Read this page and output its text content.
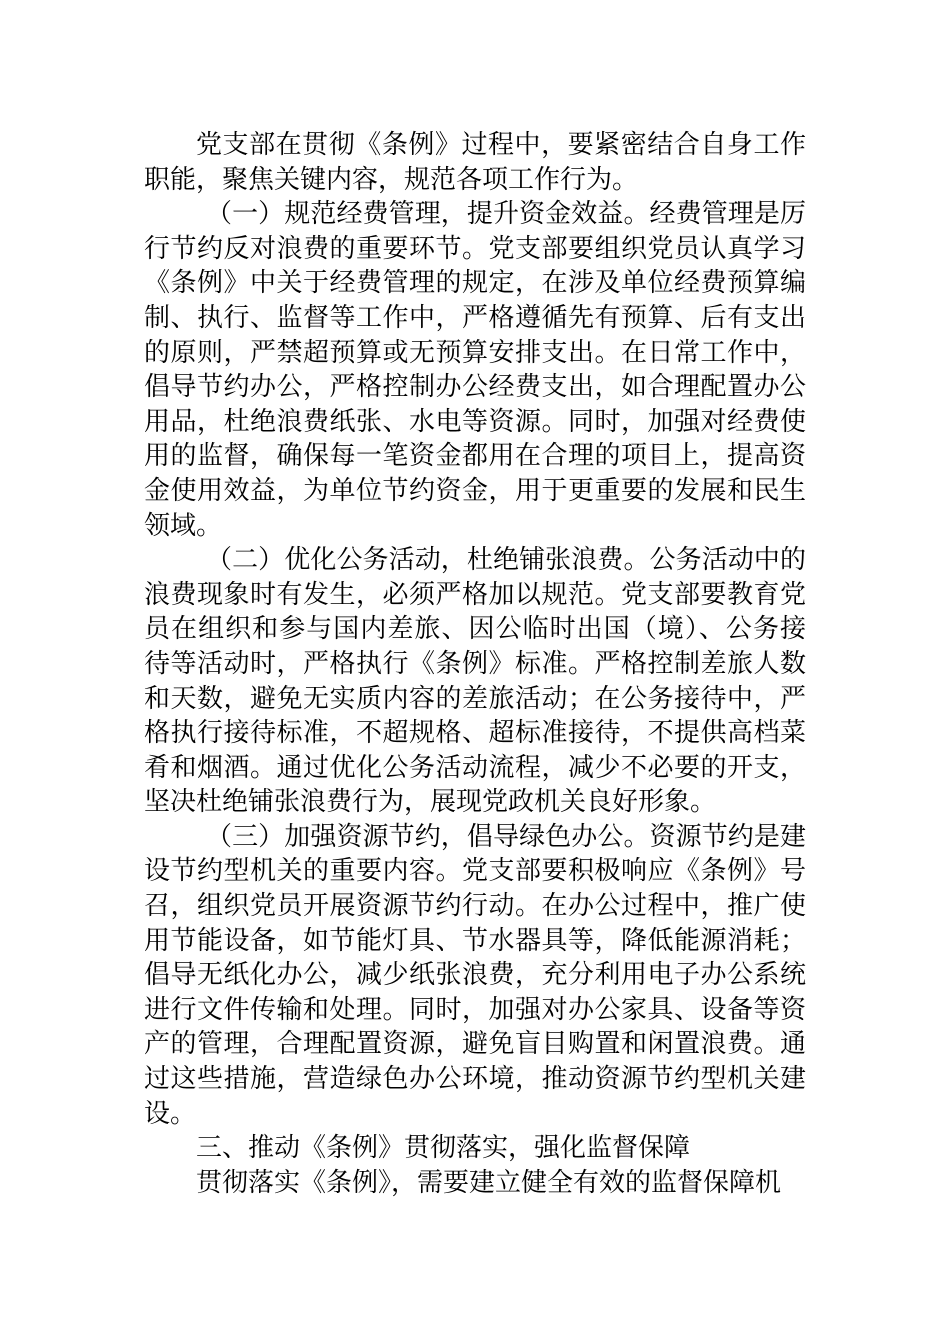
党支部在贯彻《条例》过程中，要紧密结合自身工作职能，聚焦关键内容，规范各项工作行为。

（一）规范经费管理，提升资金效益。经费管理是厉行节约反对浪费的重要环节。党支部要组织党员认真学习《条例》中关于经费管理的规定，在涉及单位经费预算编制、执行、监督等工作中，严格遵循先有预算、后有支出的原则，严禁超预算或无预算安排支出。在日常工作中，倡导节约办公，严格控制办公经费支出，如合理配置办公用品，杜绝浪费纸张、水电等资源。同时，加强对经费使用的监督，确保每一笔资金都用在合理的项目上，提高资金使用效益，为单位节约资金，用于更重要的发展和民生领域。

（二）优化公务活动，杜绝铺张浪费。公务活动中的浪费现象时有发生，必须严格加以规范。党支部要教育党员在组织和参与国内差旅、因公临时出国（境）、公务接待等活动时，严格执行《条例》标准。严格控制差旅人数和天数，避免无实质内容的差旅活动；在公务接待中，严格执行接待标准，不超规格、超标准接待，不提供高档菜肴和烟酒。通过优化公务活动流程，减少不必要的开支，坚决杜绝铺张浪费行为，展现党政机关良好形象。

（三）加强资源节约，倡导绿色办公。资源节约是建设节约型机关的重要内容。党支部要积极响应《条例》号召，组织党员开展资源节约行动。在办公过程中，推广使用节能设备，如节能灯具、节水器具等，降低能源消耗；倡导无纸化办公，减少纸张浪费，充分利用电子办公系统进行文件传输和处理。同时，加强对办公家具、设备等资产的管理，合理配置资源，避免盲目购置和闲置浪费。通过这些措施，营造绿色办公环境，推动资源节约型机关建设。

三、推动《条例》贯彻落实，强化监督保障

贯彻落实《条例》，需要建立健全有效的监督保障机
